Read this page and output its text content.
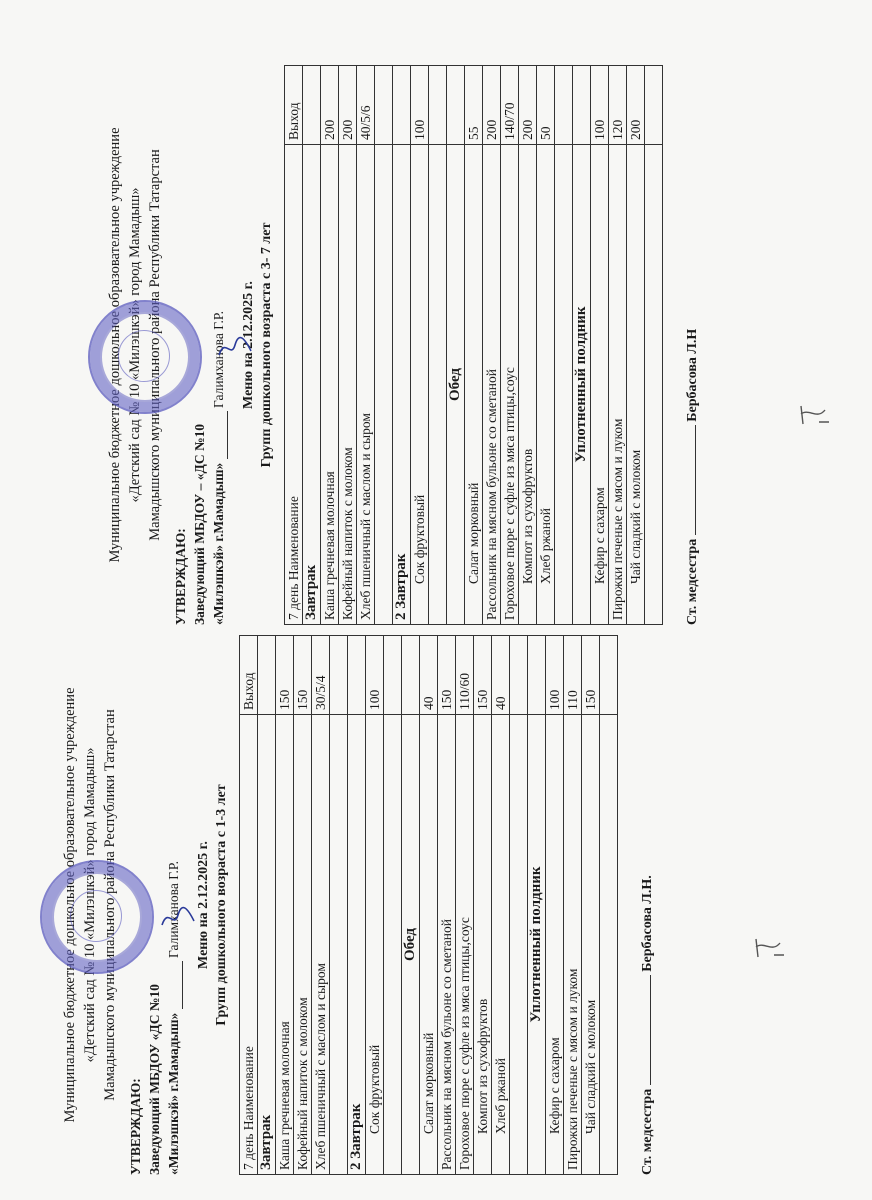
Муниципальное бюджетное дошкольное образовательное учреждение «Детский сад № 10 «Милэшкэй» город Мамадыш» Мамадышского муниципального района Республики Татарстан
УТВЕРЖДАЮ: Заведующий МБДОУ «ДС №10 «Милэшкэй» г.Мамадыш»  Галимханова Г.Р. Меню на 2.12.2025 г. Групп дошкольного возраста с 1-3 лет
7 день Наименование	Выход
Завтрак	
Каша гречневая молочная	150
Кофейный напиток с молоком	150
Хлеб пшеничный с маслом и сыром	30/5/4

2 Завтрак	
Сок фруктовый	100

Обед	
Салат морковный	40
Рассольник на мясном бульоне со сметаной	150
Гороховое пюре с суфле из мяса птицы,соус	110/60
Компот из сухофруктов	150
Хлеб ржаной	40

Уплотненный полдник	
Кефир с сахаром	100
Пирожки печеные с мясом и луком	110
Чай сладкий с молоком	150

Ст. медсестра  Бербасова Л.Н.
Муниципальное бюджетное дошкольное образовательное учреждение «Детский сад № 10 «Милэшкэй» город Мамадыш» Мамадышского муниципального района Республики Татарстан
УТВЕРЖДАЮ: Заведующий МБДОУ – «ДС №10 «Милэшкэй» г.Мамадыш»  Галимханова Г.Р. Меню на 2.12.2025 г. Групп дошкольного возраста с 3- 7 лет
7 день Наименование	Выход
Завтрак	
Каша гречневая молочная	200
Кофейный напиток с молоком	200
Хлеб пшеничный с маслом и сыром	40/5/6

2 Завтрак	
Сок фруктовый	100

Обед	
Салат морковный	55
Рассольник на мясном бульоне со сметаной	200
Гороховое пюре с суфле из мяса птицы,соус	140/70
Компот из сухофруктов	200
Хлеб ржаной	50

Уплотненный полдник	
Кефир с сахаром	100
Пирожки печеные с мясом и луком	120
Чай сладкий с молоком	200

Ст. медсестра  Бербасова Л.Н
